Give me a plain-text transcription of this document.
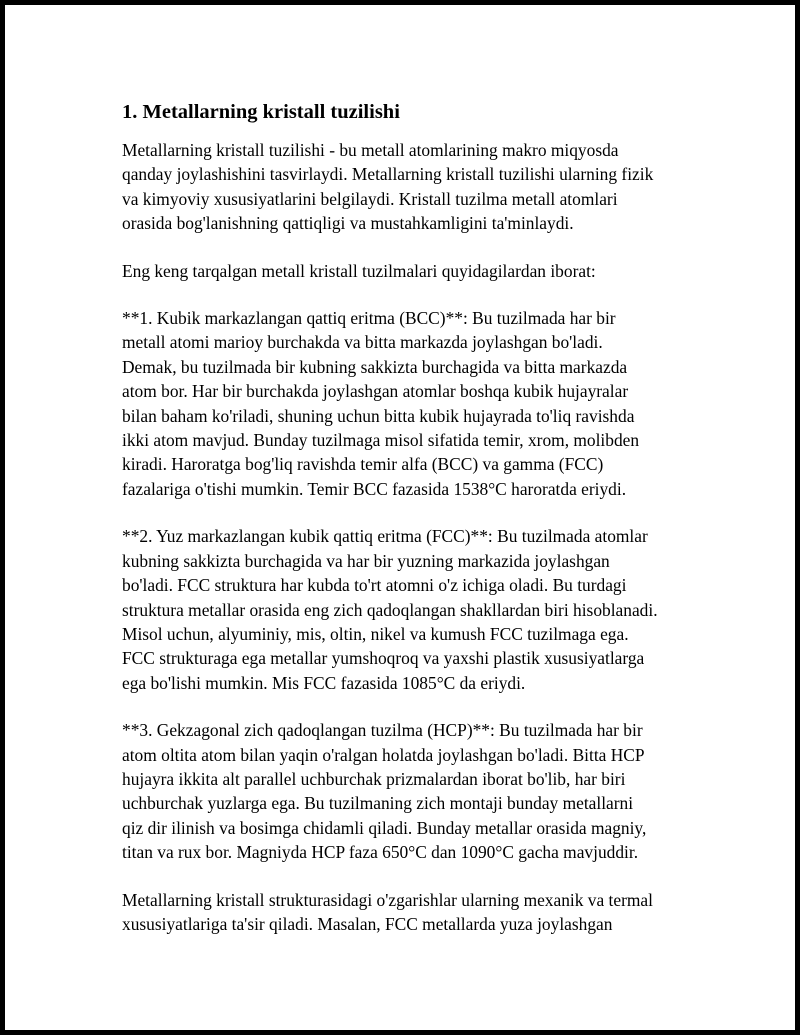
1. Metallarning kristall tuzilishi

Metallarning kristall tuzilishi - bu metall atomlarining makro miqyosda
qanday joylashishini tasvirlaydi. Metallarning kristall tuzilishi ularning fizik
va kimyoviy xususiyatlarini belgilaydi. Kristall tuzilma metall atomlari
orasida bog'lanishning qattiqligi va mustahkamligini ta'minlaydi.

Eng keng tarqalgan metall kristall tuzilmalari quyidagilardan iborat:

**1. Kubik markazlangan qattiq eritma (BCC)**: Bu tuzilmada har bir
metall atomi marioy burchakda va bitta markazda joylashgan bo'ladi.
Demak, bu tuzilmada bir kubning sakkizta burchagida va bitta markazda
atom bor. Har bir burchakda joylashgan atomlar boshqa kubik hujayralar
bilan baham ko'riladi, shuning uchun bitta kubik hujayrada to'liq ravishda
ikki atom mavjud. Bunday tuzilmaga misol sifatida temir, xrom, molibden
kiradi. Haroratga bog'liq ravishda temir alfa (BCC) va gamma (FCC)
fazalariga o'tishi mumkin. Temir BCC fazasida 1538°C haroratda eriydi.

**2. Yuz markazlangan kubik qattiq eritma (FCC)**: Bu tuzilmada atomlar
kubning sakkizta burchagida va har bir yuzning markazida joylashgan
bo'ladi. FCC struktura har kubda to'rt atomni o'z ichiga oladi. Bu turdagi
struktura metallar orasida eng zich qadoqlangan shakllardan biri hisoblanadi.
Misol uchun, alyuminiy, mis, oltin, nikel va kumush FCC tuzilmaga ega.
FCC strukturaga ega metallar yumshoqroq va yaxshi plastik xususiyatlarga
ega bo'lishi mumkin. Mis FCC fazasida 1085°C da eriydi.

**3. Gekzagonal zich qadoqlangan tuzilma (HCP)**: Bu tuzilmada har bir
atom oltita atom bilan yaqin o'ralgan holatda joylashgan bo'ladi. Bitta HCP
hujayra ikkita alt parallel uchburchak prizmalardan iborat bo'lib, har biri
uchburchak yuzlarga ega. Bu tuzilmaning zich montaji bunday metallarni
qiz dir ilinish va bosimga chidamli qiladi. Bunday metallar orasida magniy,
titan va rux bor. Magniyda HCP faza 650°C dan 1090°C gacha mavjuddir.

Metallarning kristall strukturasidagi o'zgarishlar ularning mexanik va termal
xususiyatlariga ta'sir qiladi. Masalan, FCC metallarda yuza joylashgan
